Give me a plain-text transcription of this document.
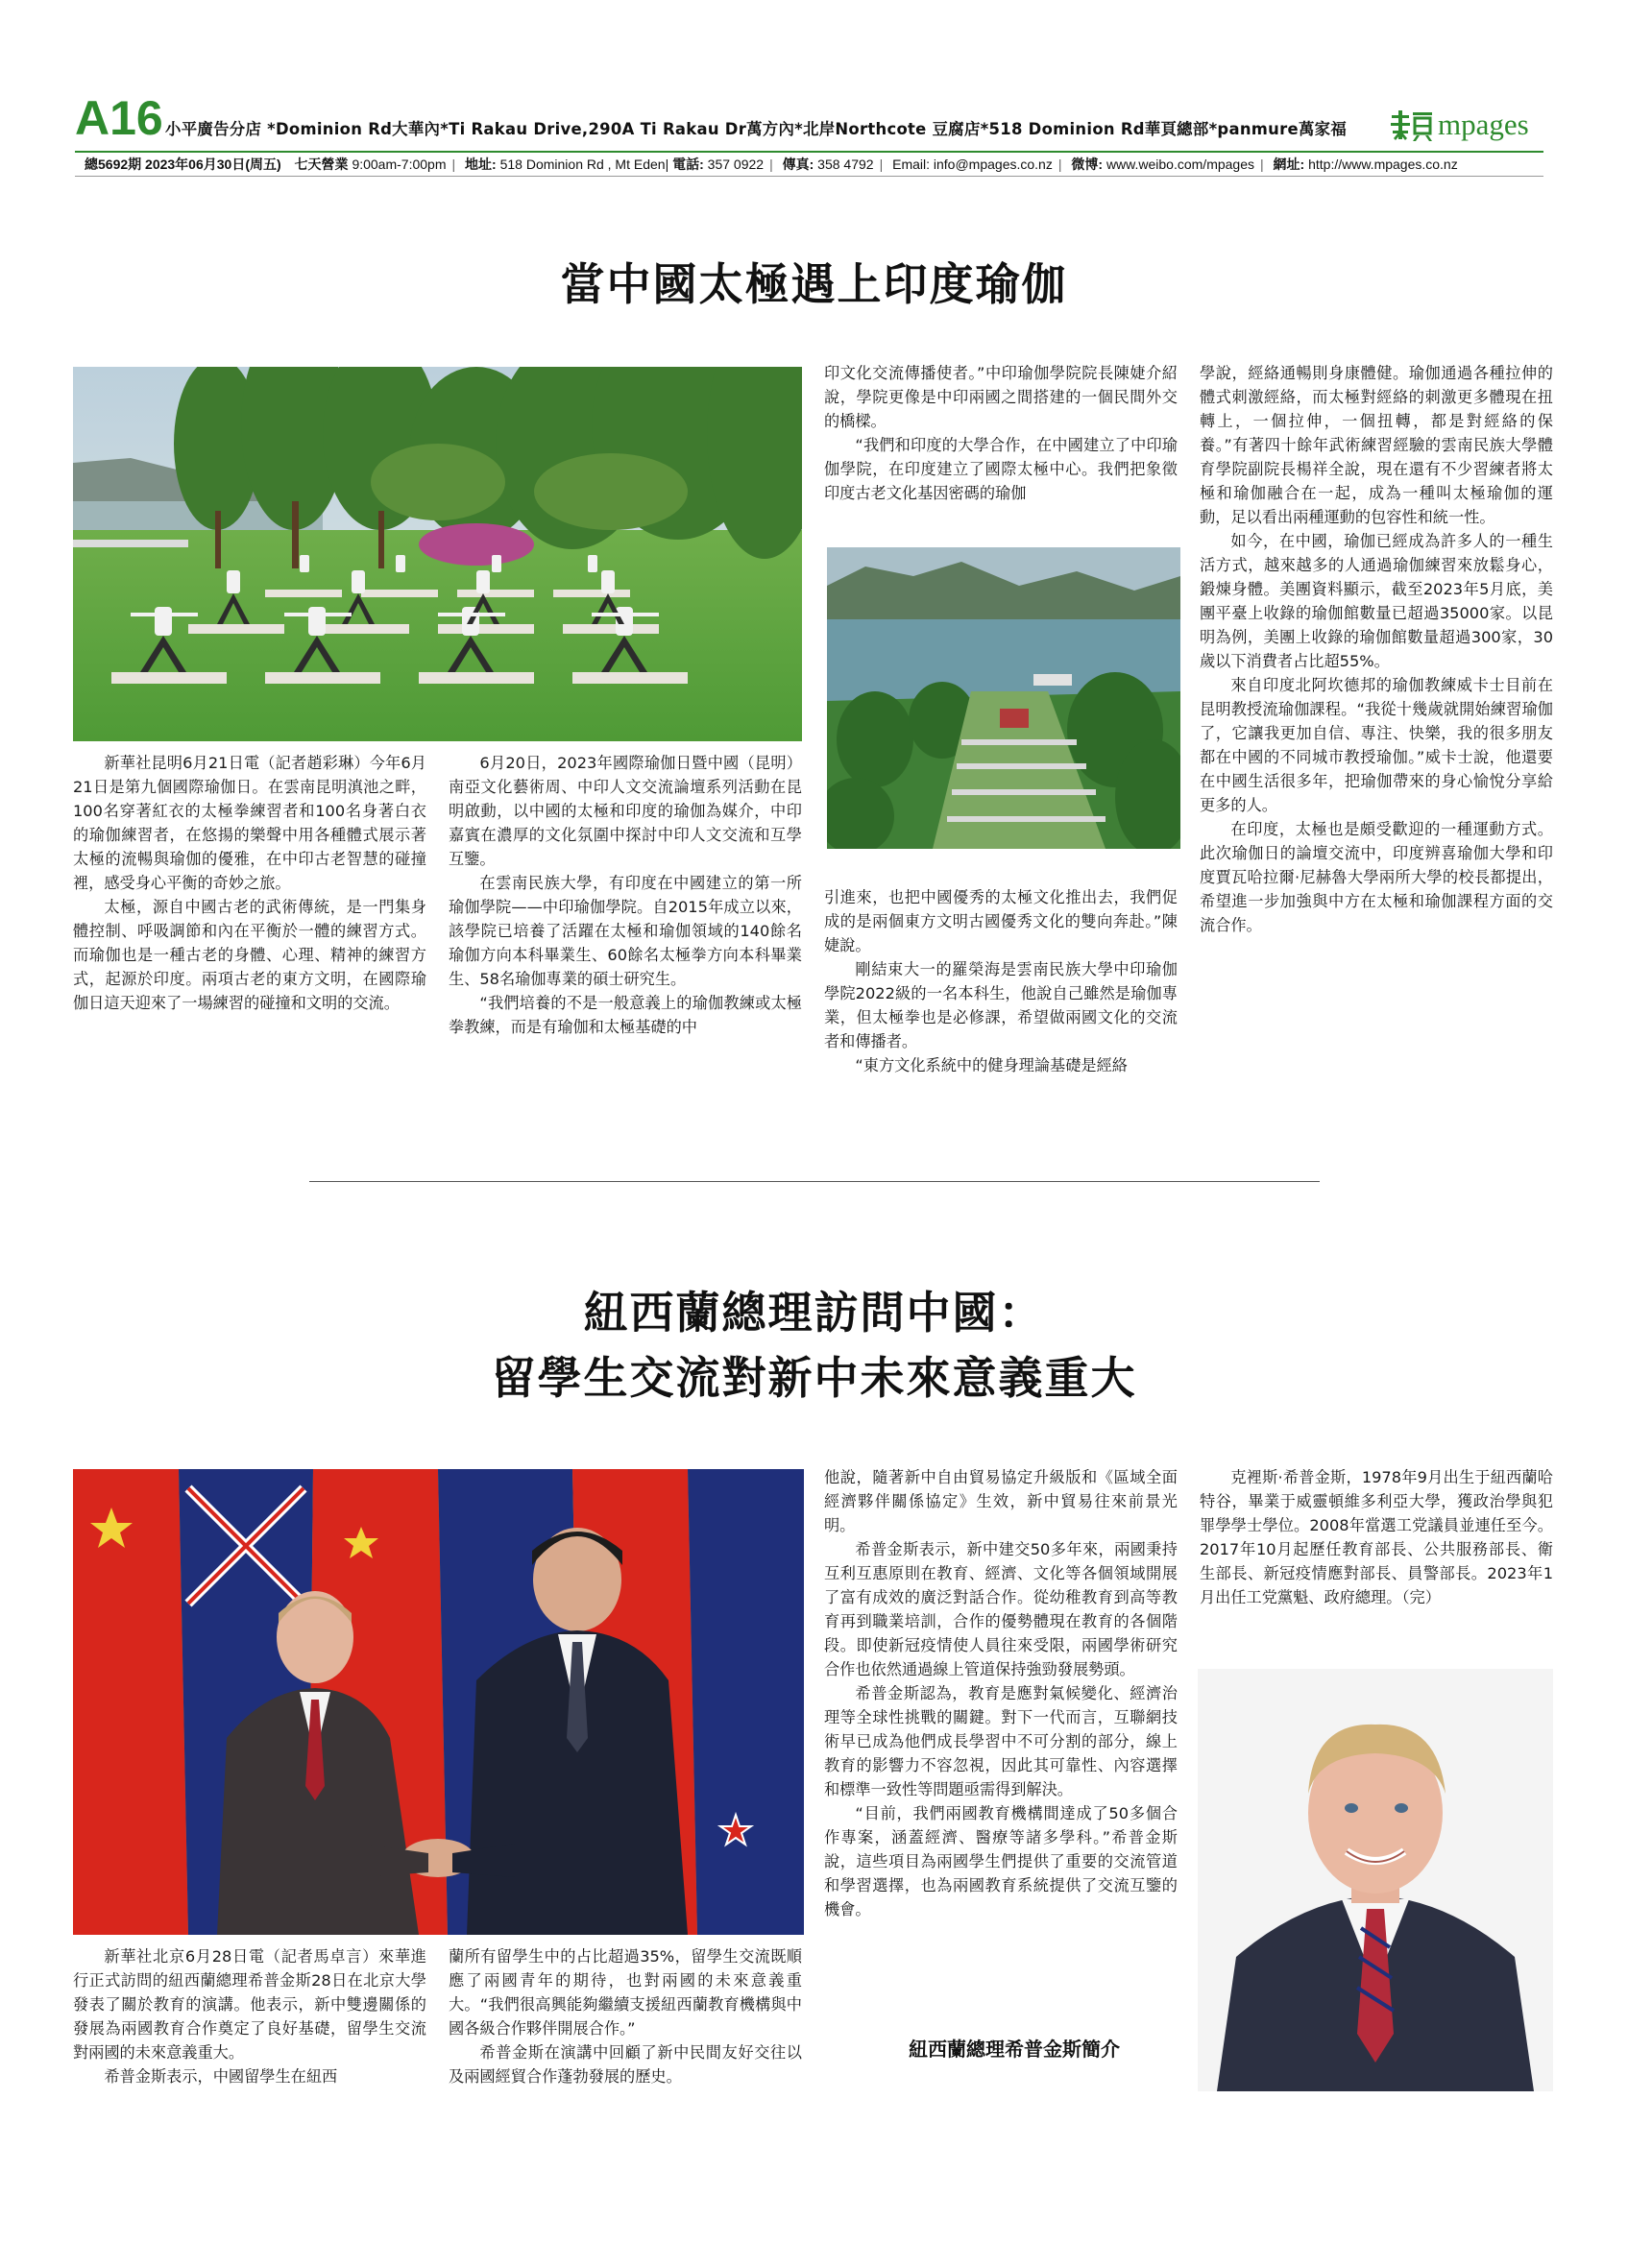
A16 小平廣告分店 *Dominion Rd大華內*Ti Rakau Drive,290A Ti Rakau Dr萬方內*北岸Northcote 豆腐店*518 Dominion Rd華頁總部*panmure萬家福	mpages
總5692期 2023年06月30日(周五) 七天營業 9:00am-7:00pm | 地址: 518 Dominion Rd , Mt Eden| 電話: 357 0922 | 傳真: 358 4792 | Email: info@mpages.co.nz | 微博: www.weibo.com/mpages | 網址: http://www.mpages.co.nz
當中國太極遇上印度瑜伽

新華社昆明6月21日電（記者趙彩琳）今年6月21日是第九個國際瑜伽日。在雲南昆明滇池之畔，100名穿著紅衣的太極拳練習者和100名身著白衣的瑜伽練習者，在悠揚的樂聲中用各種體式展示著太極的流暢與瑜伽的優雅，在中印古老智慧的碰撞裡，感受身心平衡的奇妙之旅。

太極，源自中國古老的武術傳統，是一門集身體控制、呼吸調節和內在平衡於一體的練習方式。而瑜伽也是一種古老的身體、心理、精神的練習方式，起源於印度。兩項古老的東方文明，在國際瑜伽日這天迎來了一場練習的碰撞和文明的交流。

6月20日，2023年國際瑜伽日暨中國（昆明）南亞文化藝術周、中印人文交流論壇系列活動在昆明啟動，以中國的太極和印度的瑜伽為媒介，中印嘉賓在濃厚的文化氛圍中探討中印人文交流和互學互鑒。

在雲南民族大學，有印度在中國建立的第一所瑜伽學院——中印瑜伽學院。自2015年成立以來，該學院已培養了活躍在太極和瑜伽領域的140餘名瑜伽方向本科畢業生、60餘名太極拳方向本科畢業生、58名瑜伽專業的碩士研究生。

“我們培養的不是一般意義上的瑜伽教練或太極拳教練，而是有瑜伽和太極基礎的中

印文化交流傳播使者。”中印瑜伽學院院長陳婕介紹說，學院更像是中印兩國之間搭建的一個民間外交的橋樑。

“我們和印度的大學合作，在中國建立了中印瑜伽學院，在印度建立了國際太極中心。我們把象徵印度古老文化基因密碼的瑜伽

引進來，也把中國優秀的太極文化推出去，我們促成的是兩個東方文明古國優秀文化的雙向奔赴。”陳婕說。

剛結束大一的羅榮海是雲南民族大學中印瑜伽學院2022級的一名本科生，他說自己雖然是瑜伽專業，但太極拳也是必修課，希望做兩國文化的交流者和傳播者。

“東方文化系統中的健身理論基礎是經絡

學說，經絡通暢則身康體健。瑜伽通過各種拉伸的體式刺激經絡，而太極對經絡的刺激更多體現在扭轉上，一個拉伸，一個扭轉，都是對經絡的保養。”有著四十餘年武術練習經驗的雲南民族大學體育學院副院長楊祥全說，現在還有不少習練者將太極和瑜伽融合在一起，成為一種叫太極瑜伽的運動，足以看出兩種運動的包容性和統一性。

如今，在中國，瑜伽已經成為許多人的一種生活方式，越來越多的人通過瑜伽練習來放鬆身心，鍛煉身體。美團資料顯示，截至2023年5月底，美團平臺上收錄的瑜伽館數量已超過35000家。以昆明為例，美團上收錄的瑜伽館數量超過300家，30歲以下消費者占比超55%。

來自印度北阿坎德邦的瑜伽教練威卡士目前在昆明教授流瑜伽課程。“我從十幾歲就開始練習瑜伽了，它讓我更加自信、專注、快樂，我的很多朋友都在中國的不同城市教授瑜伽。”威卡士說，他還要在中國生活很多年，把瑜伽帶來的身心愉悅分享給更多的人。

在印度，太極也是頗受歡迎的一種運動方式。此次瑜伽日的論壇交流中，印度辨喜瑜伽大學和印度賈瓦哈拉爾·尼赫魯大學兩所大學的校長都提出，希望進一步加強與中方在太極和瑜伽課程方面的交流合作。

紐西蘭總理訪問中國：
留學生交流對新中未來意義重大

新華社北京6月28日電（記者馬卓言）來華進行正式訪問的紐西蘭總理希普金斯28日在北京大學發表了關於教育的演講。他表示，新中雙邊關係的發展為兩國教育合作奠定了良好基礎，留學生交流對兩國的未來意義重大。

希普金斯表示，中國留學生在紐西

蘭所有留學生中的占比超過35%，留學生交流既順應了兩國青年的期待，也對兩國的未來意義重大。“我們很高興能夠繼續支援紐西蘭教育機構與中國各級合作夥伴開展合作。”

希普金斯在演講中回顧了新中民間友好交往以及兩國經貿合作蓬勃發展的歷史。

他說，隨著新中自由貿易協定升級版和《區域全面經濟夥伴關係協定》生效，新中貿易往來前景光明。

希普金斯表示，新中建交50多年來，兩國秉持互利互惠原則在教育、經濟、文化等各個領域開展了富有成效的廣泛對話合作。從幼稚教育到高等教育再到職業培訓，合作的優勢體現在教育的各個階段。即使新冠疫情使人員往來受限，兩國學術研究合作也依然通過線上管道保持強勁發展勢頭。

希普金斯認為，教育是應對氣候變化、經濟治理等全球性挑戰的關鍵。對下一代而言，互聯網技術早已成為他們成長學習中不可分割的部分，線上教育的影響力不容忽視，因此其可靠性、內容選擇和標準一致性等問題亟需得到解決。

“目前，我們兩國教育機構間達成了50多個合作專案，涵蓋經濟、醫療等諸多學科。”希普金斯說，這些項目為兩國學生們提供了重要的交流管道和學習選擇，也為兩國教育系統提供了交流互鑒的機會。

紐西蘭總理希普金斯簡介

克裡斯·希普金斯，1978年9月出生于紐西蘭哈特谷，畢業于威靈頓維多利亞大學，獲政治學與犯罪學學士學位。2008年當選工党議員並連任至今。2017年10月起歷任教育部長、公共服務部長、衛生部長、新冠疫情應對部長、員警部長。2023年1月出任工党黨魁、政府總理。（完）
